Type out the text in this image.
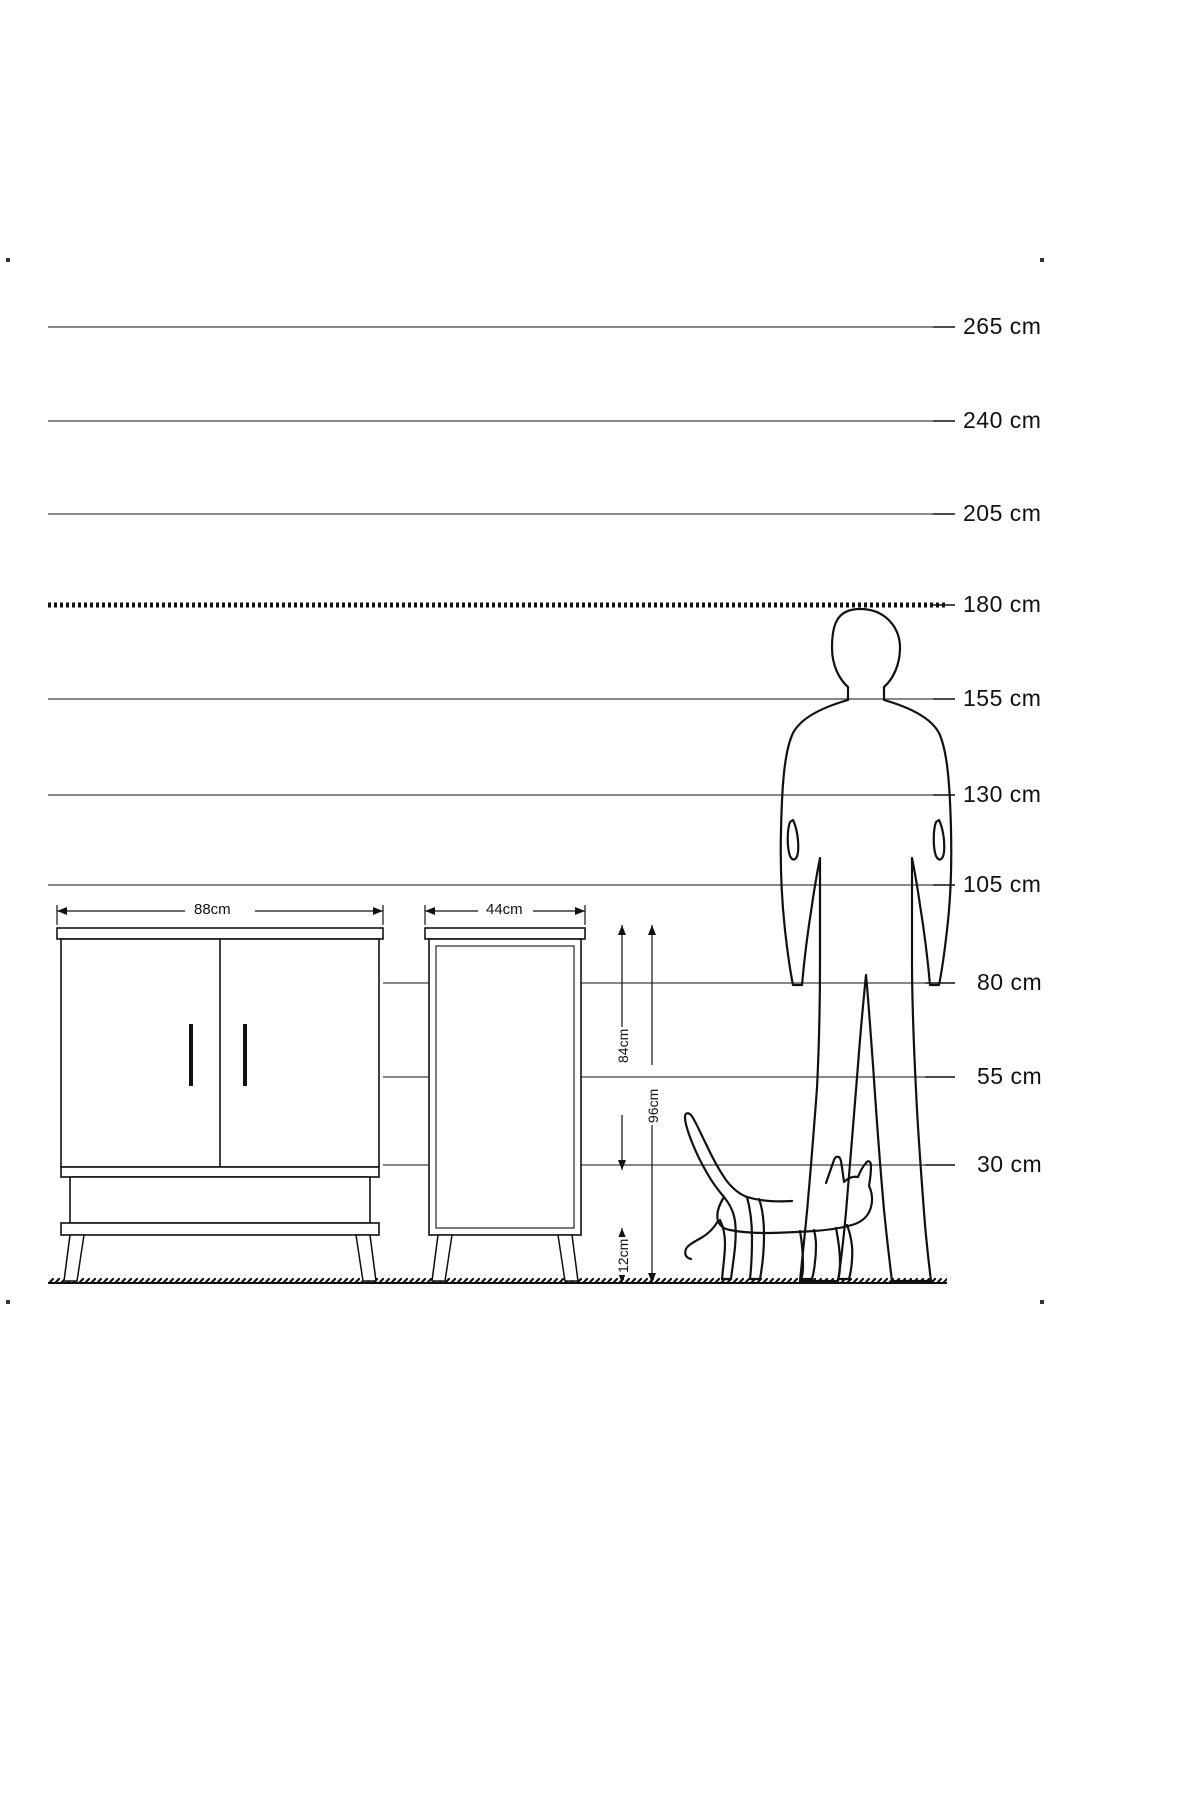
265 cm
240 cm
205 cm
180 cm
155 cm
130 cm
105 cm
80 cm
55 cm
30 cm
88cm	44cm
84cm
96cm
12cm
